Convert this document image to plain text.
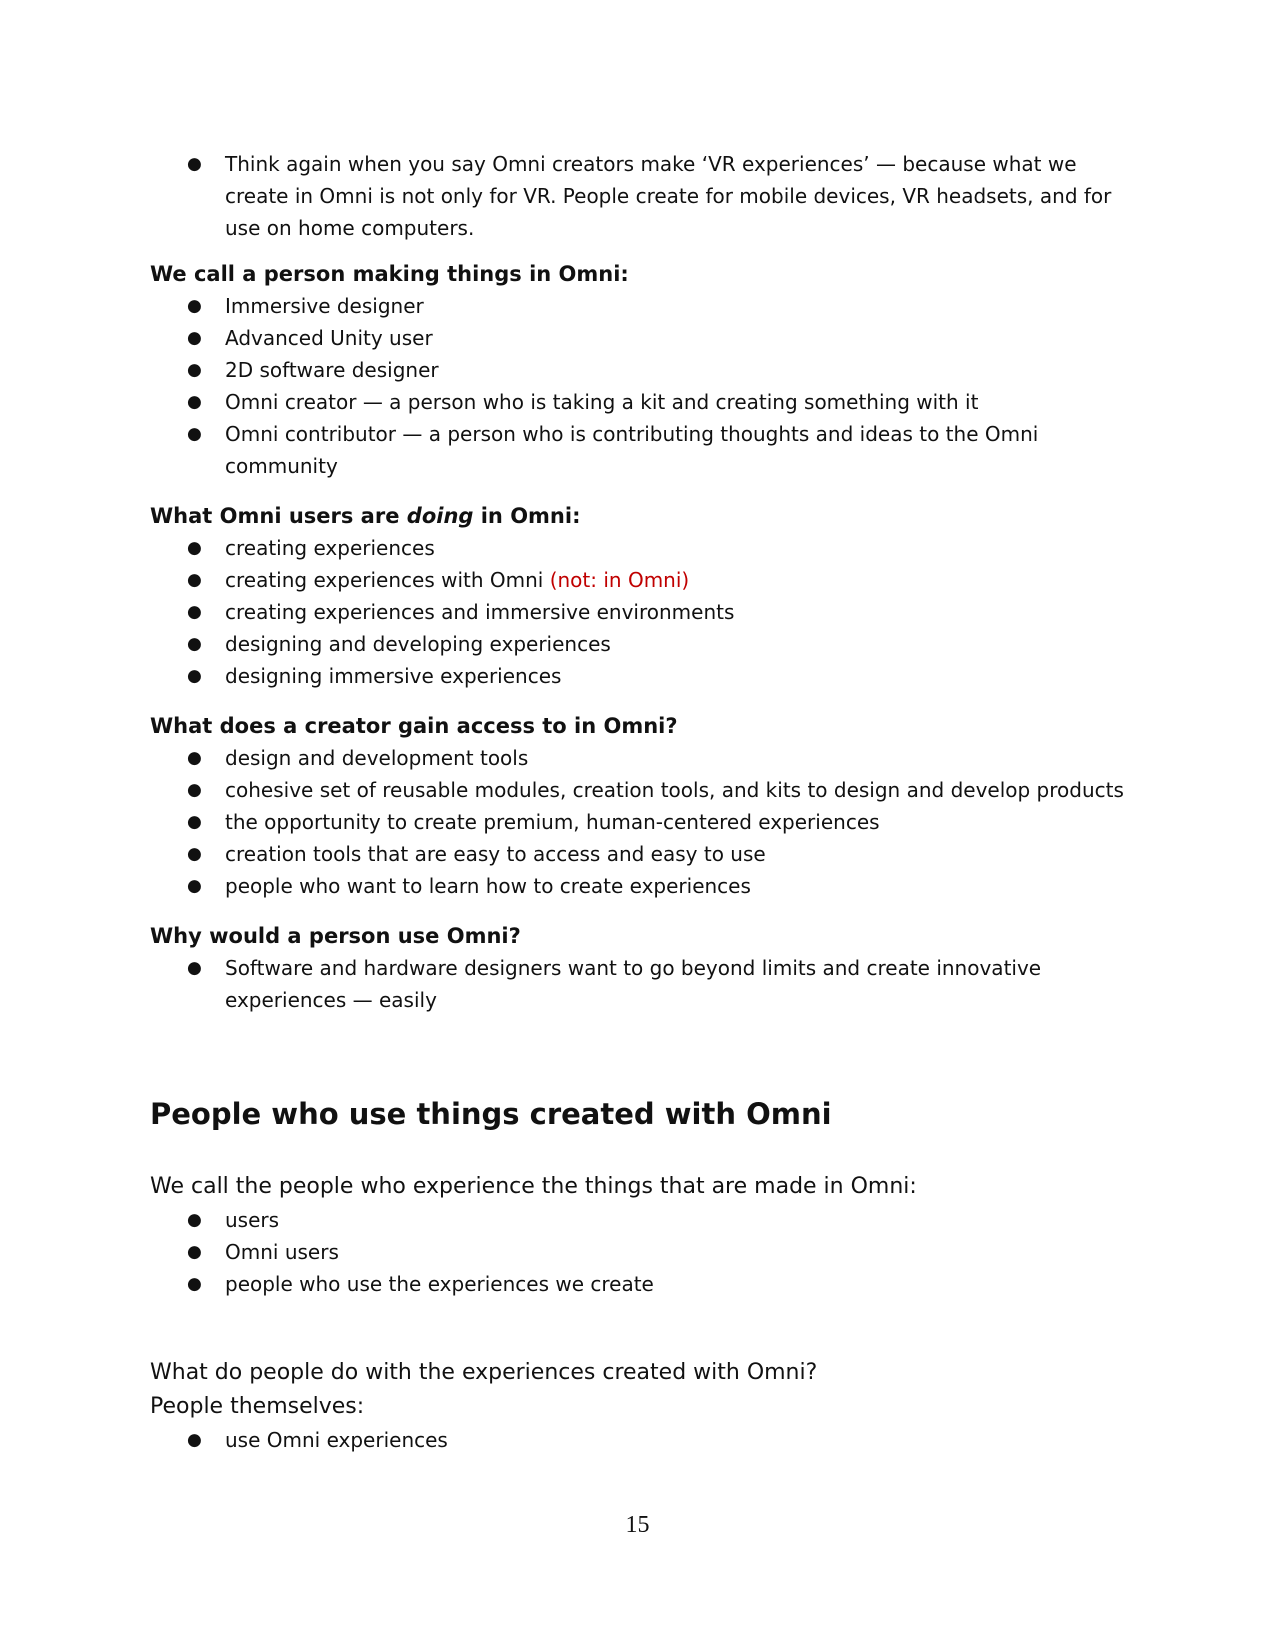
● Think again when you say Omni creators make ‘VR experiences’ — because what we create in Omni is not only for VR. People create for mobile devices, VR headsets, and for use on home computers.
We call a person making things in Omni:
● Immersive designer
● Advanced Unity user
● 2D software designer
● Omni creator — a person who is taking a kit and creating something with it
● Omni contributor — a person who is contributing thoughts and ideas to the Omni community
What Omni users are doing in Omni:
● creating experiences
● creating experiences with Omni (not: in Omni)
● creating experiences and immersive environments
● designing and developing experiences
● designing immersive experiences
What does a creator gain access to in Omni?
● design and development tools
● cohesive set of reusable modules, creation tools, and kits to design and develop products
● the opportunity to create premium, human-centered experiences
● creation tools that are easy to access and easy to use
● people who want to learn how to create experiences
Why would a person use Omni?
● Software and hardware designers want to go beyond limits and create innovative experiences — easily
People who use things created with Omni
We call the people who experience the things that are made in Omni:
● users
● Omni users
● people who use the experiences we create
What do people do with the experiences created with Omni?
People themselves:
● use Omni experiences
15
